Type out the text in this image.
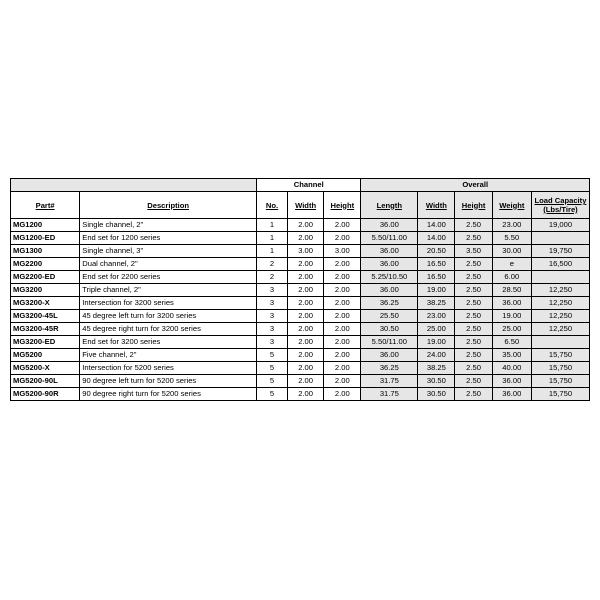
		Channel			Overall				
Part#	Description	No.	Width	Height	Length	Width	Height	Weight	Load Capacity
(Lbs/Tire)

MG1200	Single channel, 2"	1	2.00	2.00	36.00	14.00	2.50	23.00	19,000
MG1200-ED	End set for 1200 series	1	2.00	2.00	5.50/11.00	14.00	2.50	5.50	
MG1300	Single channel, 3"	1	3.00	3.00	36.00	20.50	3.50	30.00	19,750
MG2200	Dual channel, 2"	2	2.00	2.00	36.00	16.50	2.50	e	16,500
MG2200-ED	End set for 2200 series	2	2.00	2.00	5.25/10.50	16.50	2.50	6.00	
MG3200	Triple channel, 2"	3	2.00	2.00	36.00	19.00	2.50	28.50	12,250
MG3200-X	Intersection for 3200 series	3	2.00	2.00	36.25	38.25	2.50	36.00	12,250
MG3200-45L	45 degree left turn for 3200 series	3	2.00	2.00	25.50	23.00	2.50	19.00	12,250
MG3200-45R	45 degree right turn for 3200 series	3	2.00	2.00	30.50	25.00	2.50	25.00	12,250
MG3200-ED	End set for 3200 series	3	2.00	2.00	5.50/11.00	19.00	2.50	6.50	
MG5200	Five channel, 2"	5	2.00	2.00	36.00	24.00	2.50	35.00	15,750
MG5200-X	Intersection for 5200 series	5	2.00	2.00	36.25	38.25	2.50	40.00	15,750
MG5200-90L	90 degree left turn for 5200 series	5	2.00	2.00	31.75	30.50	2.50	36.00	15,750
MG5200-90R	90 degree right turn for 5200 series	5	2.00	2.00	31.75	30.50	2.50	36.00	15,750
